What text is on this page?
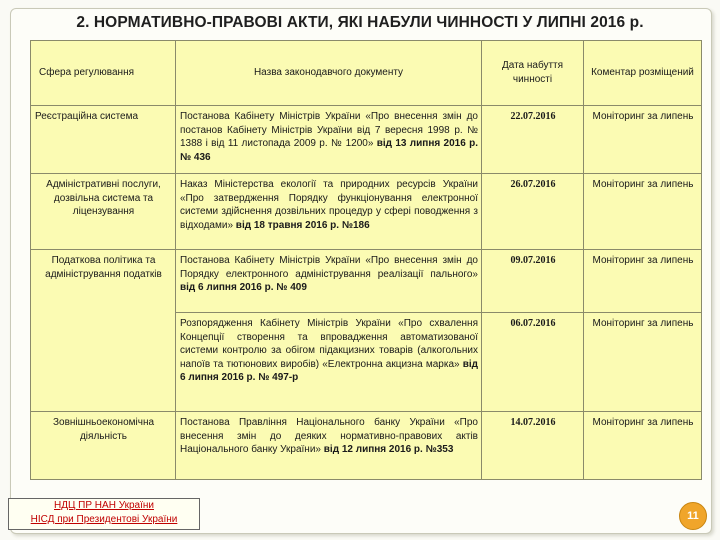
2. НОРМАТИВНО-ПРАВОВІ АКТИ, ЯКІ НАБУЛИ ЧИННОСТІ У ЛИПНІ 2016 р.
Сфера регулювання	Назва законодавчого документу	Дата набуття чинності	Коментар розміщений
Реєстраційна система	Постанова Кабінету Міністрів України «Про внесення змін до постанов Кабінету Міністрів України від 7 вересня 1998 р. № 1388 і від 11 листопада 2009 р. № 1200» від 13 липня 2016 р. № 436	22.07.2016	Моніторинг за липень
Адміністративні послуги, дозвільна система та ліцензування	Наказ Міністерства екології та природних ресурсів України «Про затвердження Порядку функціонування електронної системи здійснення дозвільних процедур у сфері поводження з відходами» від 18 травня 2016 р. №186	26.07.2016	Моніторинг за липень
Податкова політика та адміністрування податків	Постанова Кабінету Міністрів України «Про внесення змін до Порядку електронного адміністрування реалізації пального» від 6 липня 2016 р. № 409	09.07.2016	Моніторинг за липень
	Розпорядження Кабінету Міністрів України «Про схвалення Концепції створення та впровадження автоматизованої системи контролю за обігом підакцизних товарів (алкогольних напоїв та тютюнових виробів) «Електронна акцизна марка» від 6 липня 2016 р. № 497-р	06.07.2016	Моніторинг за липень
Зовнішньоекономічна діяльність	Постанова Правління Національного банку України «Про внесення змін до деяких нормативно-правових актів Національного банку України» від 12 липня 2016 р. №353	14.07.2016	Моніторинг за липень
НДЦ ПР НАН України
НІСД при Президентові України	11
